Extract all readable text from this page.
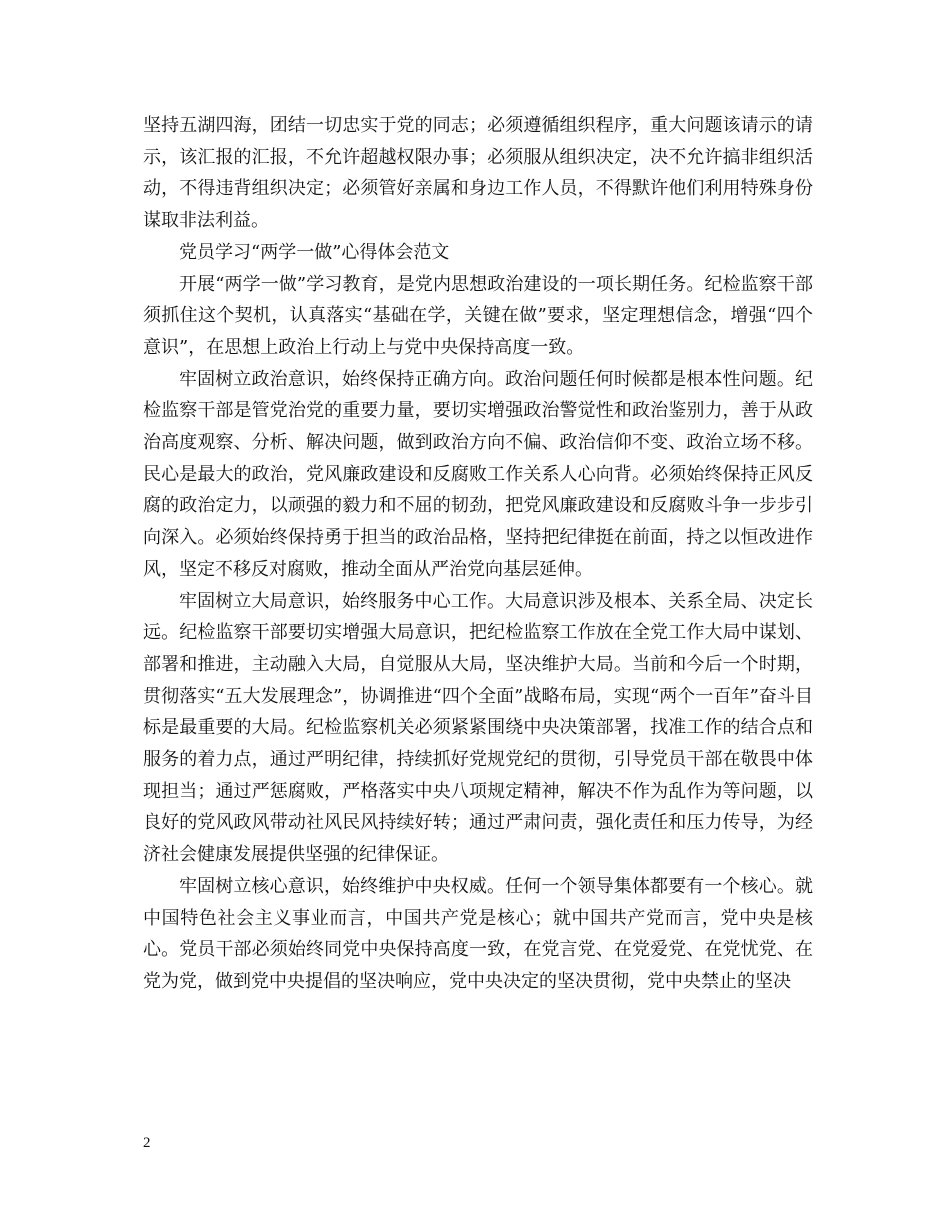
坚持五湖四海，团结一切忠实于党的同志；必须遵循组织程序，重大问题该请示的请示，该汇报的汇报，不允许超越权限办事；必须服从组织决定，决不允许搞非组织活动，不得违背组织决定；必须管好亲属和身边工作人员，不得默许他们利用特殊身份谋取非法利益。

党员学习“两学一做”心得体会范文

开展“两学一做”学习教育，是党内思想政治建设的一项长期任务。纪检监察干部须抓住这个契机，认真落实“基础在学，关键在做”要求，坚定理想信念，增强“四个意识”，在思想上政治上行动上与党中央保持高度一致。

牢固树立政治意识，始终保持正确方向。政治问题任何时候都是根本性问题。纪检监察干部是管党治党的重要力量，要切实增强政治警觉性和政治鉴别力，善于从政治高度观察、分析、解决问题，做到政治方向不偏、政治信仰不变、政治立场不移。民心是最大的政治，党风廉政建设和反腐败工作关系人心向背。必须始终保持正风反腐的政治定力，以顽强的毅力和不屈的韧劲，把党风廉政建设和反腐败斗争一步步引向深入。必须始终保持勇于担当的政治品格，坚持把纪律挺在前面，持之以恒改进作风，坚定不移反对腐败，推动全面从严治党向基层延伸。

牢固树立大局意识，始终服务中心工作。大局意识涉及根本、关系全局、决定长远。纪检监察干部要切实增强大局意识，把纪检监察工作放在全党工作大局中谋划、部署和推进，主动融入大局，自觉服从大局，坚决维护大局。当前和今后一个时期，贯彻落实“五大发展理念”，协调推进“四个全面”战略布局，实现“两个一百年”奋斗目标是最重要的大局。纪检监察机关必须紧紧围绕中央决策部署，找准工作的结合点和服务的着力点，通过严明纪律，持续抓好党规党纪的贯彻，引导党员干部在敬畏中体现担当；通过严惩腐败，严格落实中央八项规定精神，解决不作为乱作为等问题，以良好的党风政风带动社风民风持续好转；通过严肃问责，强化责任和压力传导，为经济社会健康发展提供坚强的纪律保证。

牢固树立核心意识，始终维护中央权威。任何一个领导集体都要有一个核心。就中国特色社会主义事业而言，中国共产党是核心；就中国共产党而言，党中央是核心。党员干部必须始终同党中央保持高度一致，在党言党、在党爱党、在党忧党、在党为党，做到党中央提倡的坚决响应，党中央决定的坚决贯彻，党中央禁止的坚决

2
